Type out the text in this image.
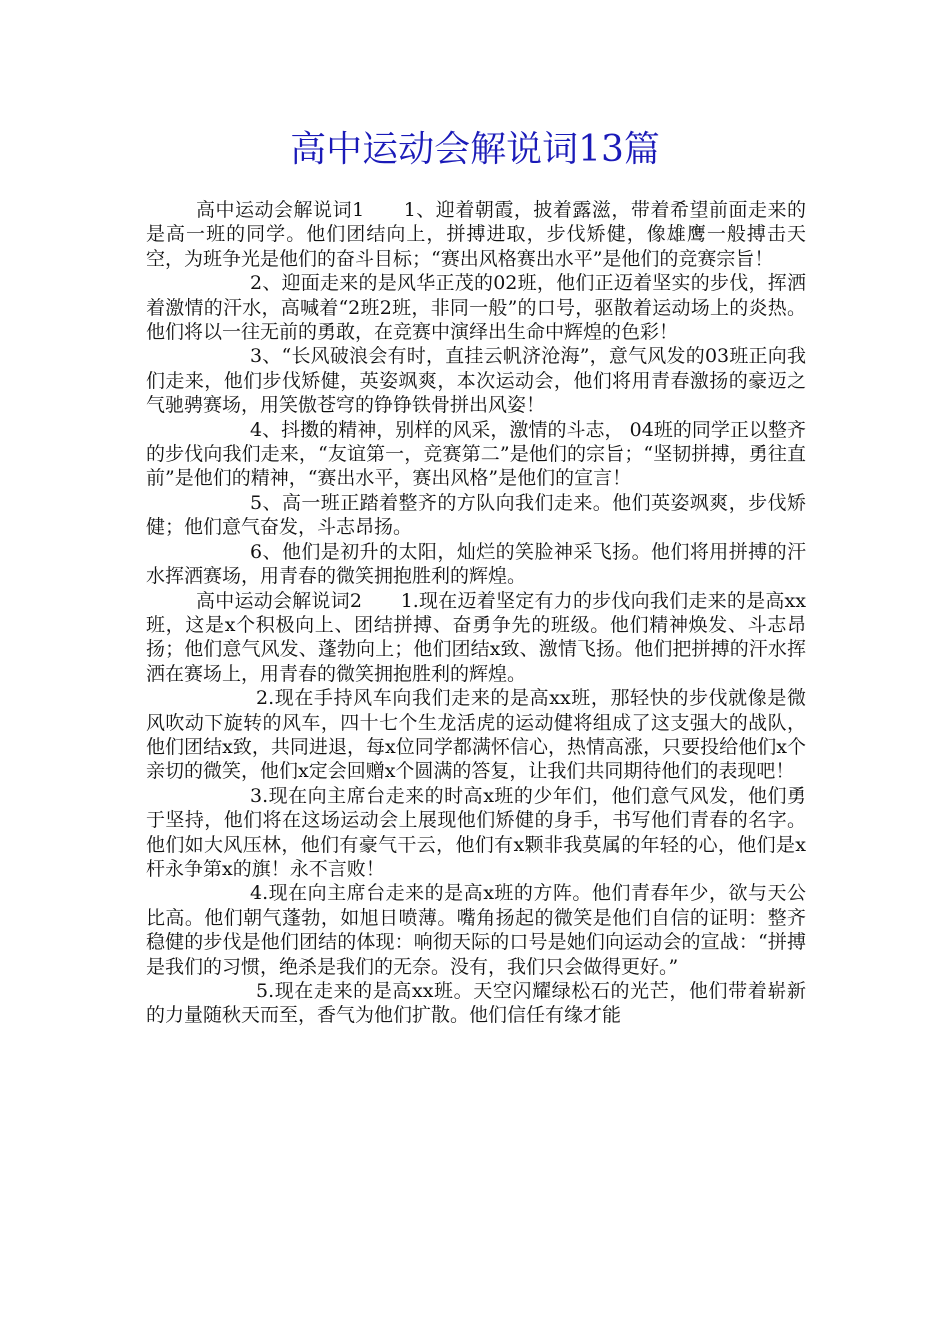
高中运动会解说词13篇

高中运动会解说词1　　1、迎着朝霞，披着露滋，带着希望前面走来的是高一班的同学。他们团结向上，拼搏进取，步伐矫健，像雄鹰一般搏击天空，为班争光是他们的奋斗目标；“赛出风格赛出水平”是他们的竞赛宗旨！

2、迎面走来的是风华正茂的02班，他们正迈着坚实的步伐，挥洒着激情的汗水，高喊着“2班2班，非同一般”的口号，驱散着运动场上的炎热。他们将以一往无前的勇敢，在竞赛中演绎出生命中辉煌的色彩！

3、“长风破浪会有时，直挂云帆济沧海”，意气风发的03班正向我们走来，他们步伐矫健，英姿飒爽，本次运动会，他们将用青春激扬的豪迈之气驰骋赛场，用笑傲苍穹的铮铮铁骨拼出风姿！

4、抖擞的精神，别样的风采，激情的斗志， 04班的同学正以整齐的步伐向我们走来，“友谊第一，竞赛第二”是他们的宗旨；“坚韧拼搏，勇往直前”是他们的精神，“赛出水平，赛出风格”是他们的宣言！

5、高一班正踏着整齐的方队向我们走来。他们英姿飒爽，步伐矫健；他们意气奋发，斗志昂扬。

6、他们是初升的太阳，灿烂的笑脸神采飞扬。他们将用拼搏的汗水挥洒赛场，用青春的微笑拥抱胜利的辉煌。

高中运动会解说词2　　1.现在迈着坚定有力的步伐向我们走来的是高xx班，这是x个积极向上、团结拼搏、奋勇争先的班级。他们精神焕发、斗志昂扬；他们意气风发、蓬勃向上；他们团结x致、激情飞扬。他们把拼搏的汗水挥洒在赛场上，用青春的微笑拥抱胜利的辉煌。

2.现在手持风车向我们走来的是高xx班，那轻快的步伐就像是微风吹动下旋转的风车，四十七个生龙活虎的运动健将组成了这支强大的战队，他们团结x致，共同进退，每x位同学都满怀信心，热情高涨，只要投给他们x个亲切的微笑，他们x定会回赠x个圆满的答复，让我们共同期待他们的表现吧！

3.现在向主席台走来的时高x班的少年们，他们意气风发，他们勇于坚持，他们将在这场运动会上展现他们矫健的身手，书写他们青春的名字。他们如大风压林，他们有豪气干云，他们有x颗非我莫属的年轻的心，他们是x杆永争第x的旗！永不言败！

4.现在向主席台走来的是高x班的方阵。他们青春年少，欲与天公比高。他们朝气蓬勃，如旭日喷薄。嘴角扬起的微笑是他们自信的证明：整齐稳健的步伐是他们团结的体现：响彻天际的口号是她们向运动会的宣战：“拼搏是我们的习惯，绝杀是我们的无奈。没有，我们只会做得更好。”

5.现在走来的是高xx班。天空闪耀绿松石的光芒，他们带着崭新的力量随秋天而至，香气为他们扩散。他们信任有缘才能
